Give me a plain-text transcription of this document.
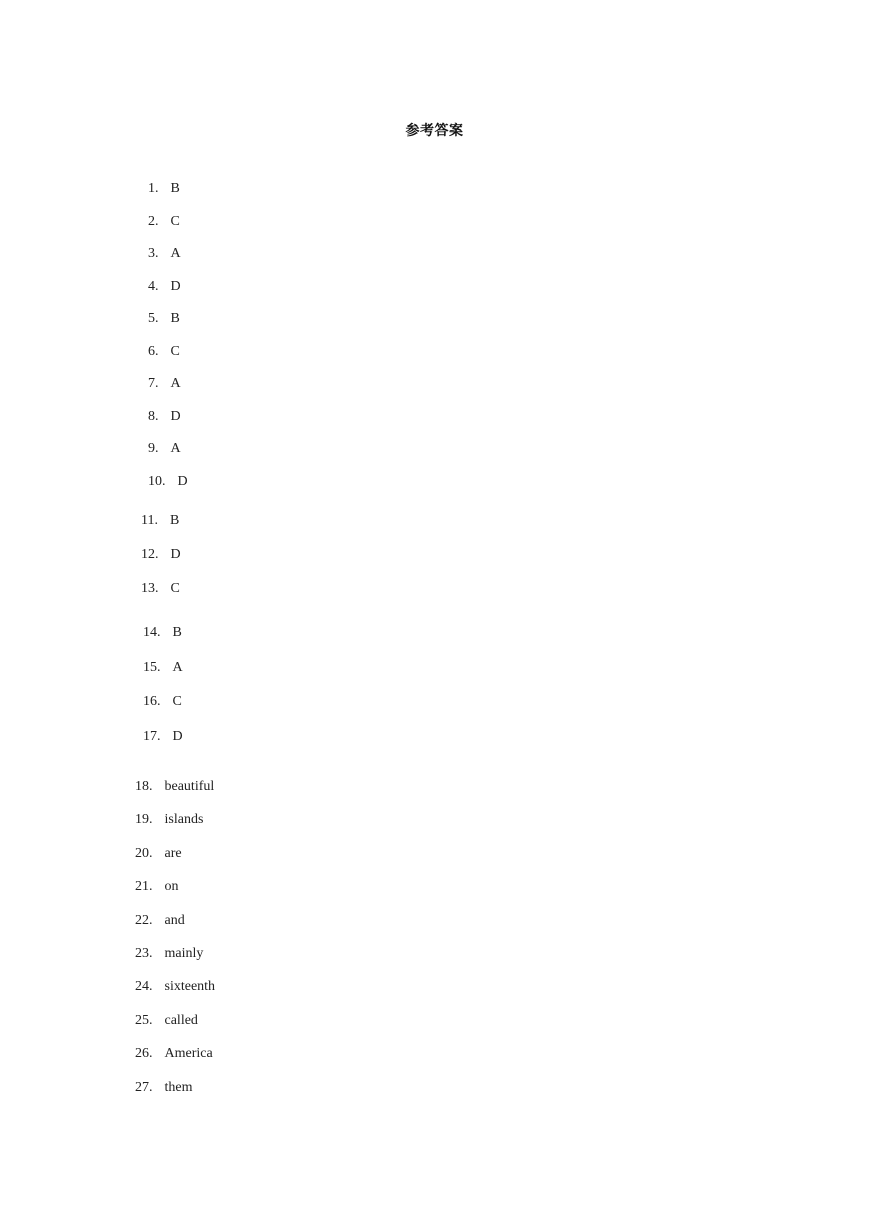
参考答案
1. B
2. C
3. A
4. D
5. B
6. C
7. A
8. D
9. A
10. D
11. B
12. D
13. C
14. B
15. A
16. C
17. D
18. beautiful
19. islands
20. are
21. on
22. and
23. mainly
24. sixteenth
25. called
26. America
27. them
